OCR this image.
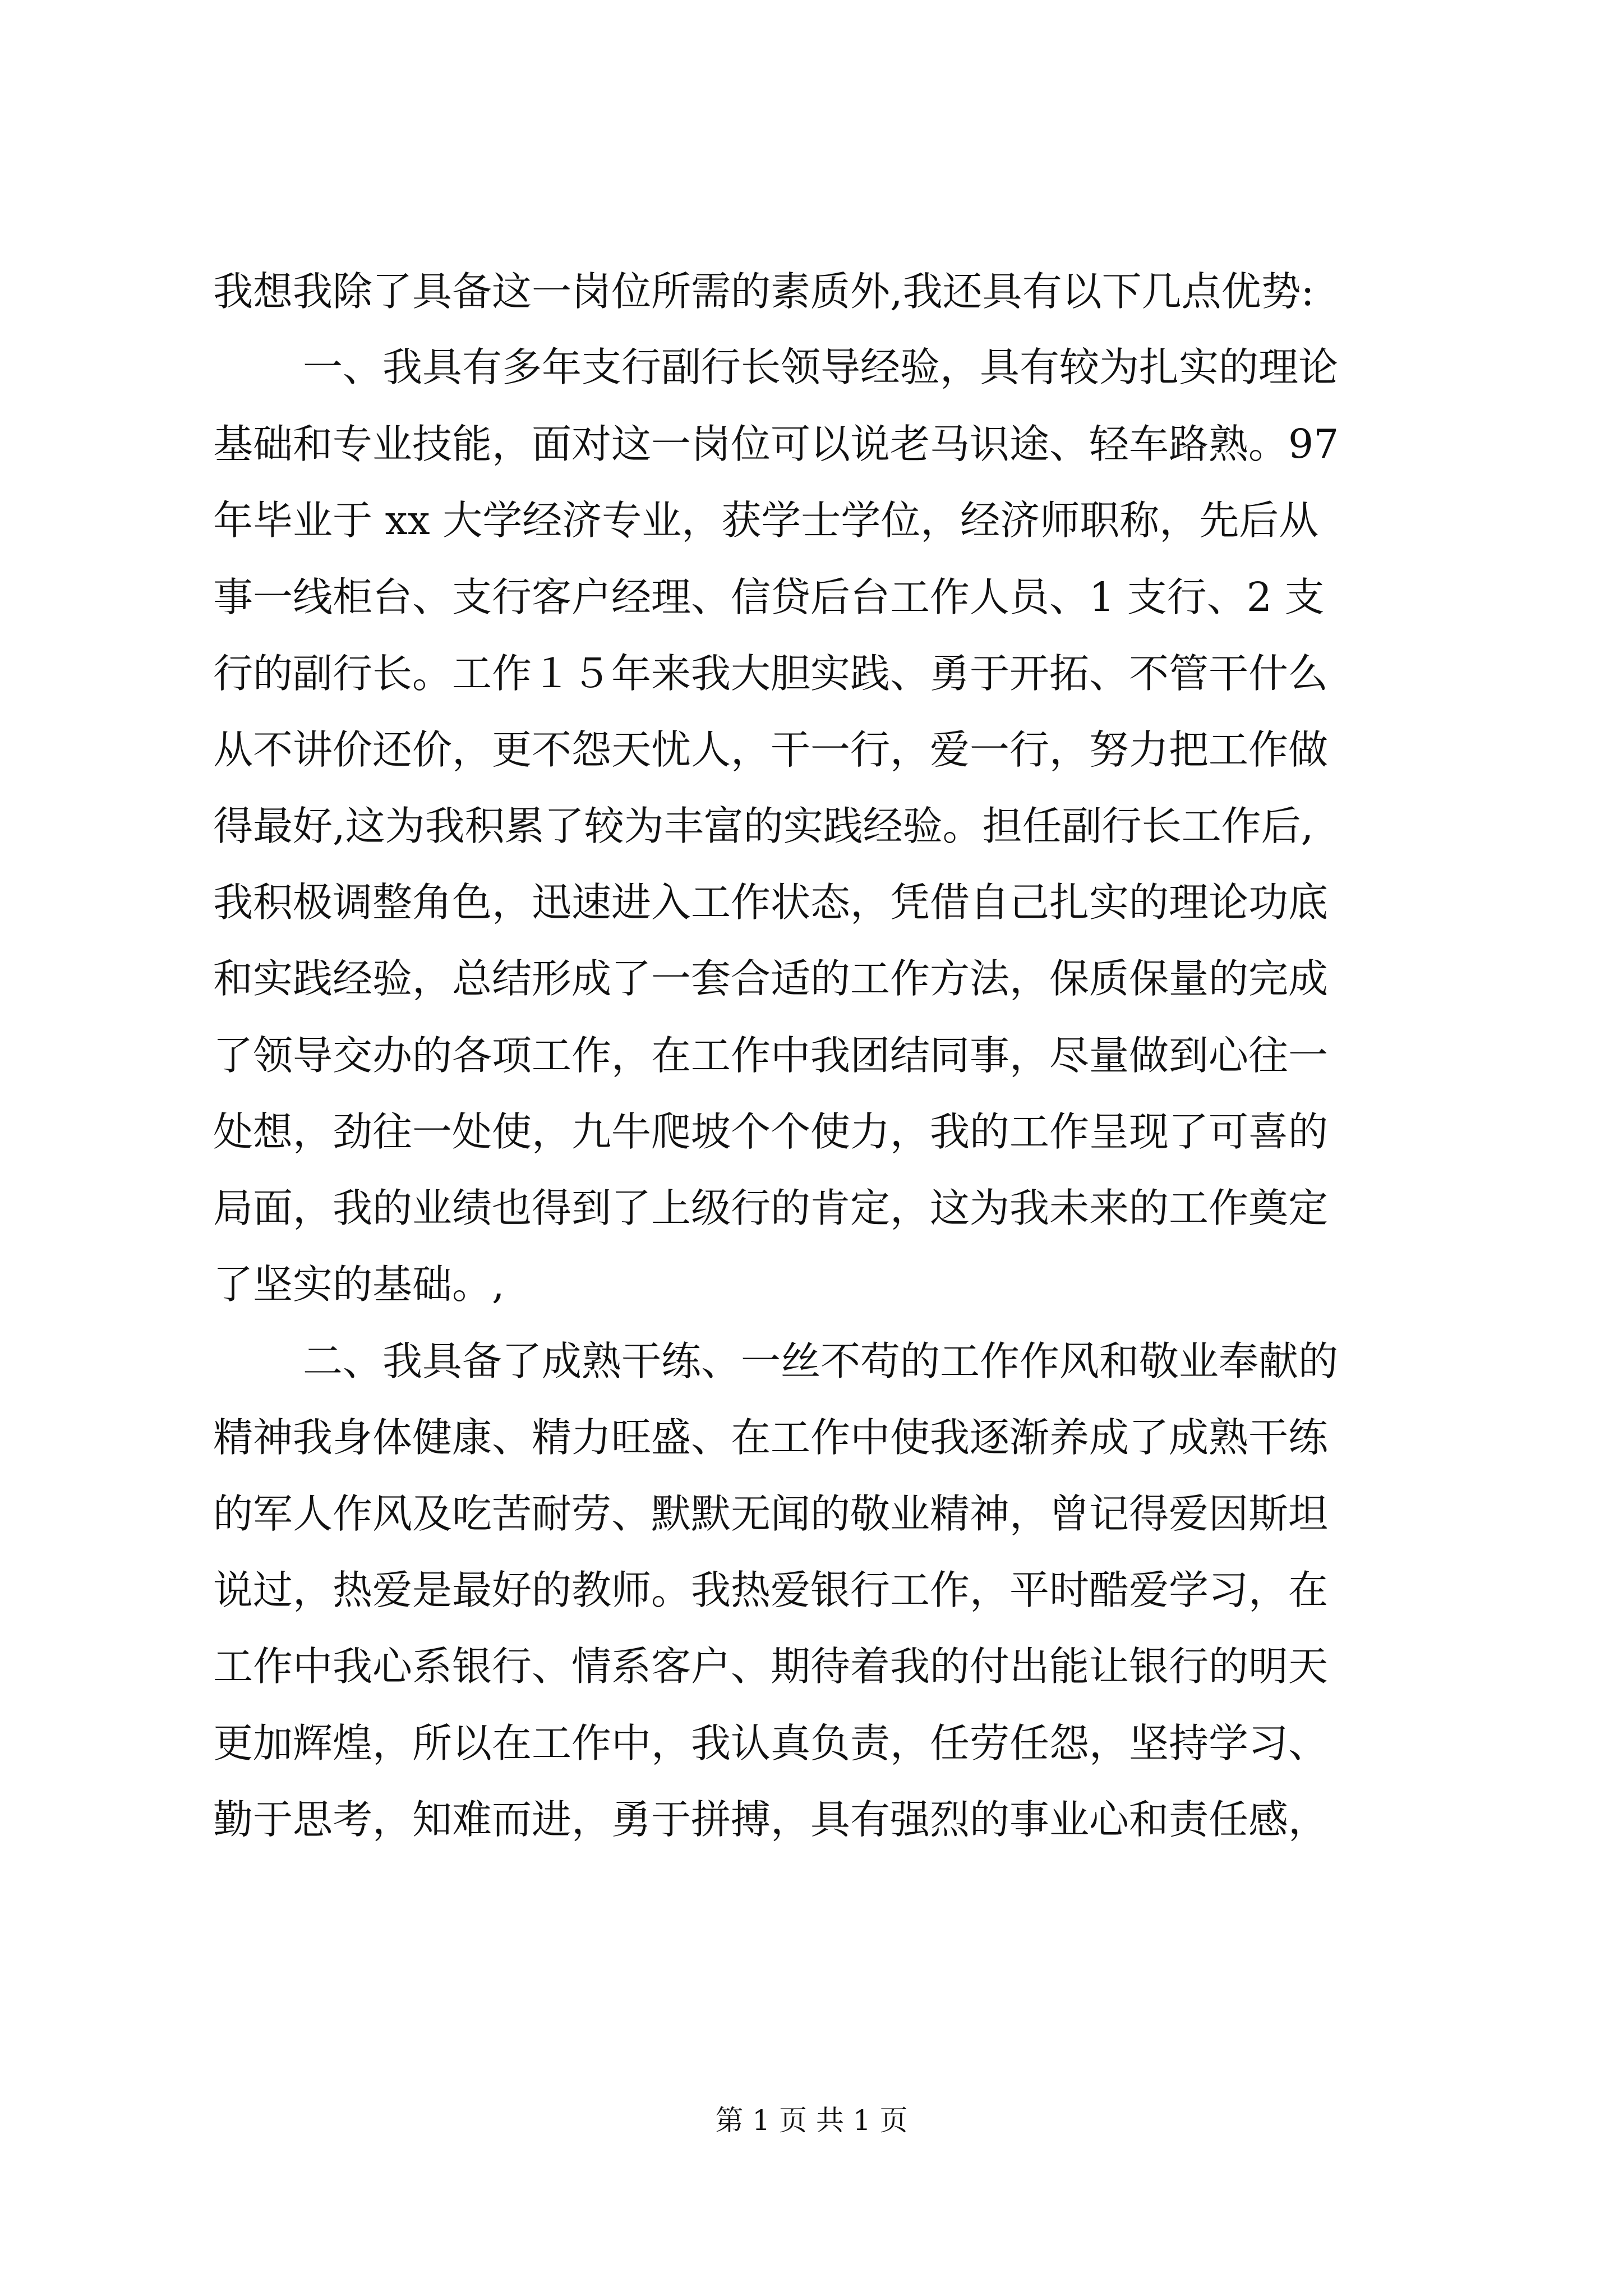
我想我除了具备这一岗位所需的素质外,我还具有以下几点优势:
一、我具有多年支行副行长领导经验，具有较为扎实的理论
基础和专业技能，面对这一岗位可以说老马识途、轻车路熟。97
年毕业于 xx 大学经济专业，获学士学位，经济师职称，先后从
事一线柜台、支行客户经理、信贷后台工作人员、1 支行、2 支
行的副行长。工作１５年来我大胆实践、勇于开拓、不管干什么
从不讲价还价，更不怨天忧人，干一行，爱一行，努力把工作做
得最好,这为我积累了较为丰富的实践经验。担任副行长工作后,
我积极调整角色，迅速进入工作状态，凭借自己扎实的理论功底
和实践经验，总结形成了一套合适的工作方法，保质保量的完成
了领导交办的各项工作，在工作中我团结同事，尽量做到心往一
处想，劲往一处使，九牛爬坡个个使力，我的工作呈现了可喜的
局面，我的业绩也得到了上级行的肯定，这为我未来的工作奠定
了坚实的基础。,
二、我具备了成熟干练、一丝不苟的工作作风和敬业奉献的
精神我身体健康、精力旺盛、在工作中使我逐渐养成了成熟干练
的军人作风及吃苦耐劳、默默无闻的敬业精神，曾记得爱因斯坦
说过，热爱是最好的教师。我热爱银行工作，平时酷爱学习，在
工作中我心系银行、情系客户、期待着我的付出能让银行的明天
更加辉煌，所以在工作中，我认真负责，任劳任怨，坚持学习、
勤于思考，知难而进，勇于拼搏，具有强烈的事业心和责任感，
第 1 页 共 1 页
